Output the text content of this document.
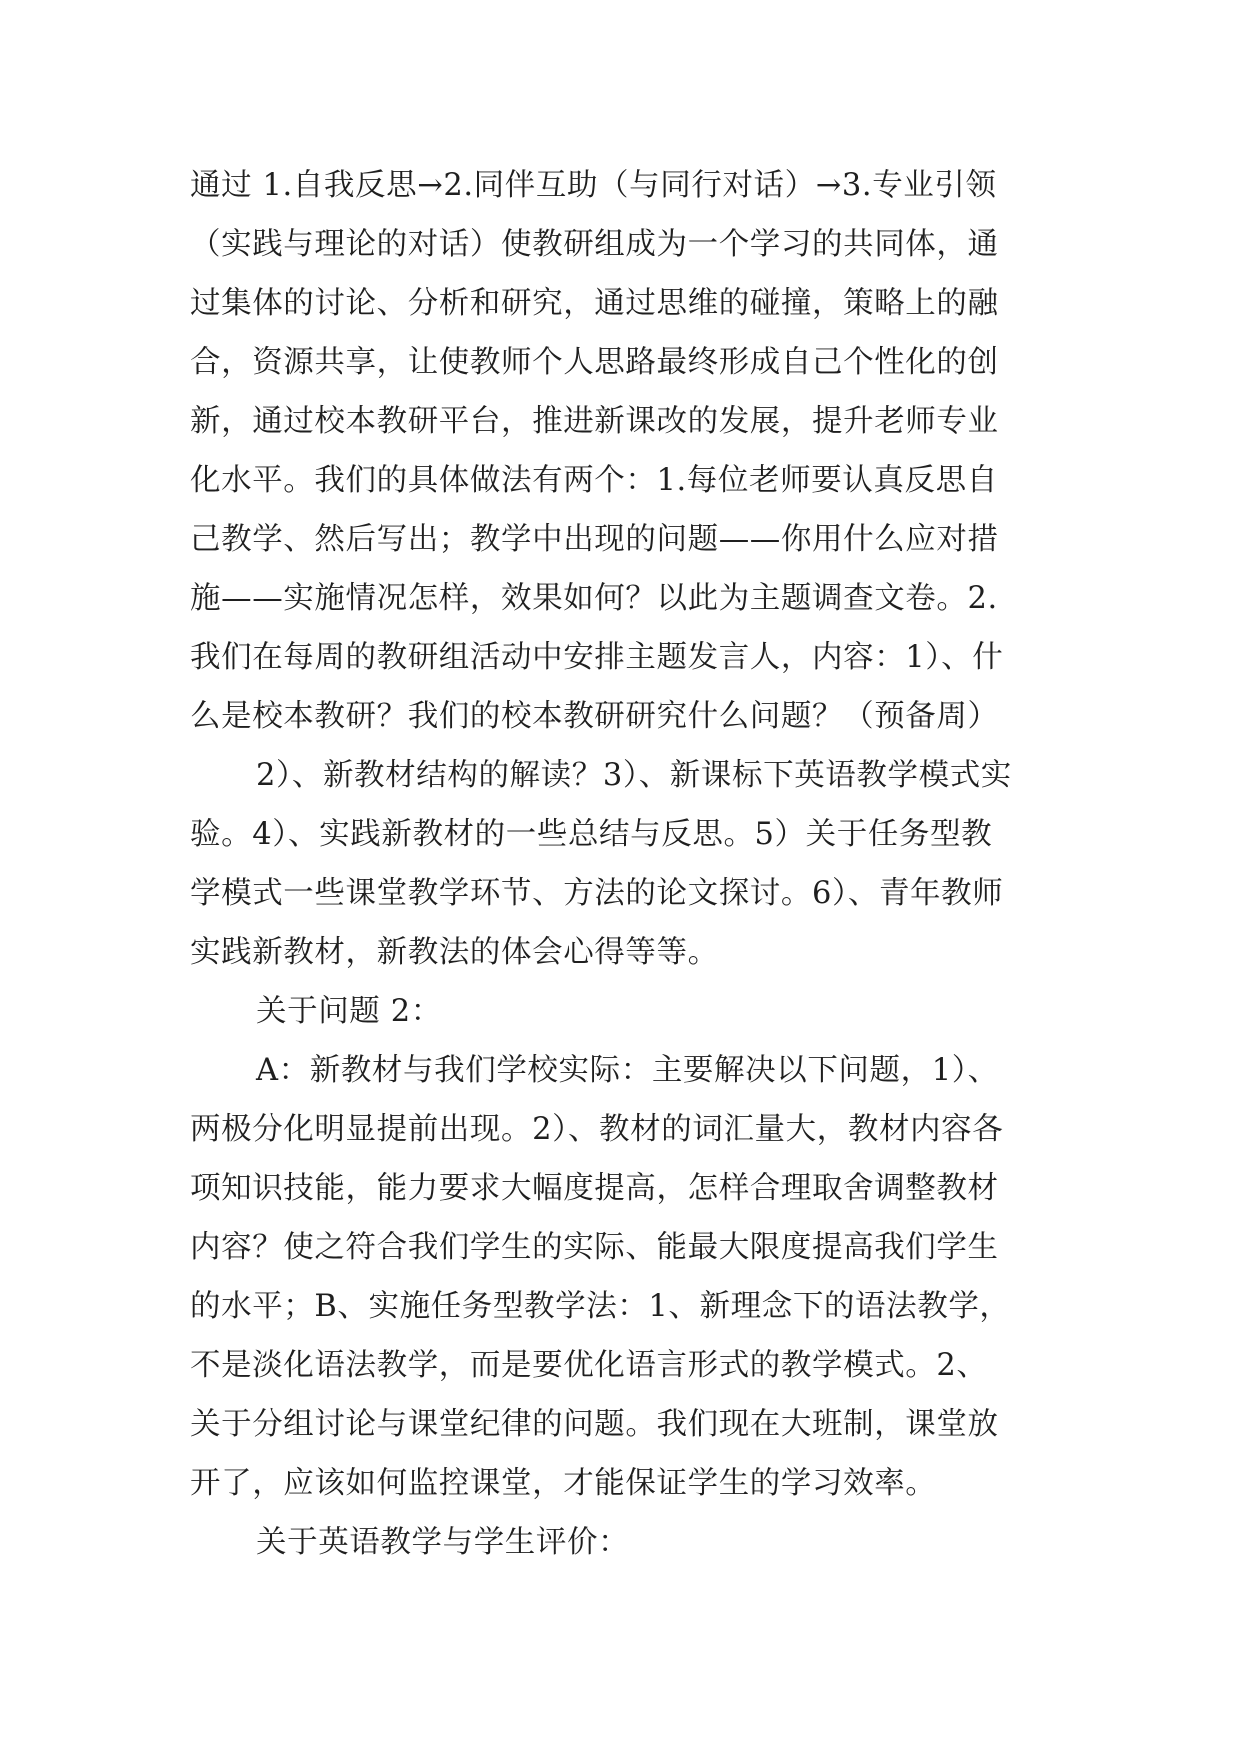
通过 1.自我反思→2.同伴互助（与同行对话）→3.专业引领
（实践与理论的对话）使教研组成为一个学习的共同体，通
过集体的讨论、分析和研究，通过思维的碰撞，策略上的融
合，资源共享，让使教师个人思路最终形成自己个性化的创
新，通过校本教研平台，推进新课改的发展，提升老师专业
化水平。我们的具体做法有两个：1.每位老师要认真反思自
己教学、然后写出；教学中出现的问题——你用什么应对措
施——实施情况怎样，效果如何？以此为主题调查文卷。2.
我们在每周的教研组活动中安排主题发言人，内容：1）、什
么是校本教研？我们的校本教研研究什么问题？（预备周）
2）、新教材结构的解读？3）、新课标下英语教学模式实
验。4）、实践新教材的一些总结与反思。5）关于任务型教
学模式一些课堂教学环节、方法的论文探讨。6）、青年教师
实践新教材，新教法的体会心得等等。
关于问题 2：
A：新教材与我们学校实际：主要解决以下问题，1）、
两极分化明显提前出现。2）、教材的词汇量大，教材内容各
项知识技能，能力要求大幅度提高，怎样合理取舍调整教材
内容？使之符合我们学生的实际、能最大限度提高我们学生
的水平；B、实施任务型教学法：1、新理念下的语法教学，
不是淡化语法教学，而是要优化语言形式的教学模式。2、
关于分组讨论与课堂纪律的问题。我们现在大班制，课堂放
开了，应该如何监控课堂，才能保证学生的学习效率。
关于英语教学与学生评价：
